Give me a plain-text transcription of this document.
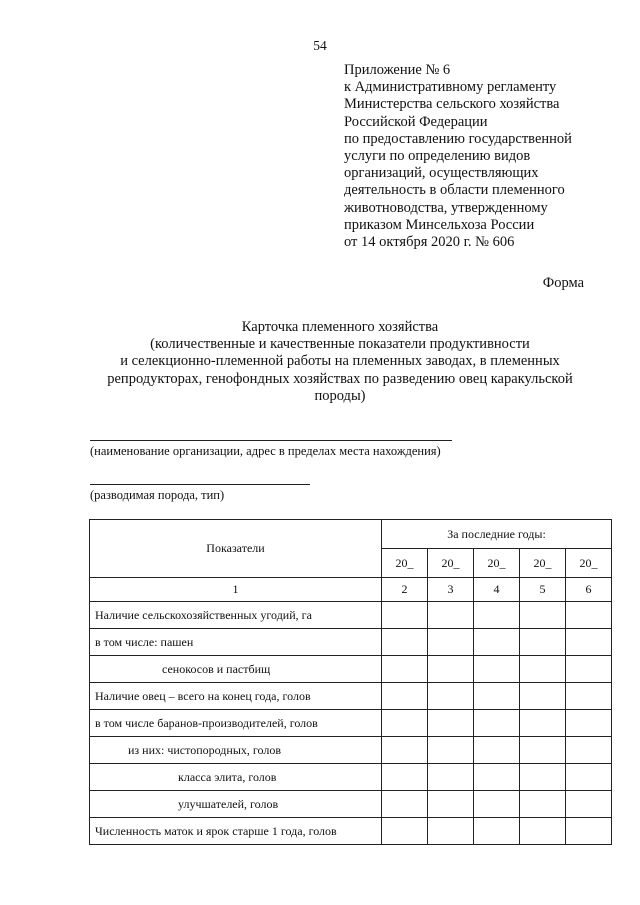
54
Приложение № 6
к Административному регламенту
Министерства сельского хозяйства
Российской Федерации
по предоставлению государственной
услуги по определению видов
организаций, осуществляющих
деятельность в области племенного
животноводства, утвержденному
приказом Минсельхоза России
от 14 октября 2020 г. № 606
Форма
Карточка племенного хозяйства
(количественные и качественные показатели продуктивности
и селекционно-племенной работы на племенных заводах, в племенных
репродукторах, генофондных хозяйствах по разведению овец каракульской
породы)
(наименование организации, адрес в пределах места нахождения)
(разводимая порода, тип)
Показатели	За последние годы:				
	20_	20_	20_	20_	20_
1	2	3	4	5	6
Наличие сельскохозяйственных угодий, га					
в том числе: пашен					
сенокосов и пастбищ					
Наличие овец – всего на конец года, голов					
в том числе баранов-производителей, голов					
из них: чистопородных, голов					
класса элита, голов					
улучшателей, голов					
Численность маток и ярок старше 1 года, голов					
